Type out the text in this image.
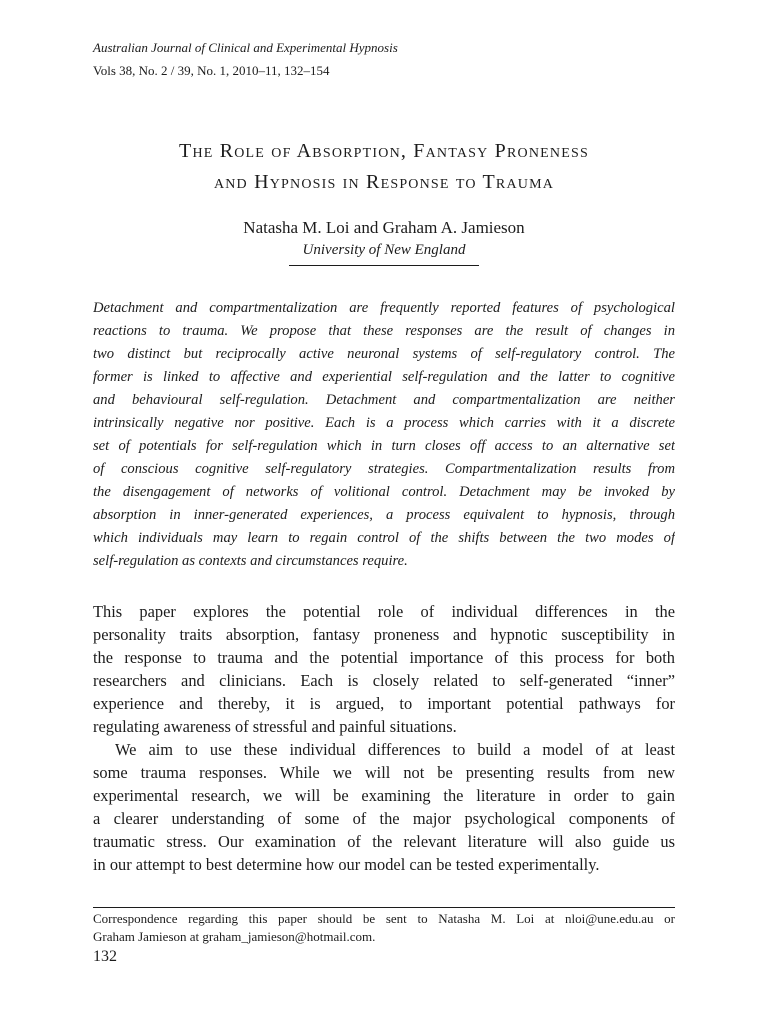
Australian Journal of Clinical and Experimental Hypnosis
Vols 38, No. 2 / 39, No. 1, 2010–11, 132–154
The Role of Absorption, Fantasy Proneness
and Hypnosis in Response to Trauma
Natasha M. Loi and Graham A. Jamieson
University of New England
Detachment and compartmentalization are frequently reported features of psychological
reactions to trauma. We propose that these responses are the result of changes in
two distinct but reciprocally active neuronal systems of self-regulatory control. The
former is linked to affective and experiential self-regulation and the latter to cognitive
and behavioural self-regulation. Detachment and compartmentalization are neither
intrinsically negative nor positive. Each is a process which carries with it a discrete
set of potentials for self-regulation which in turn closes off access to an alternative set
of conscious cognitive self-regulatory strategies. Compartmentalization results from
the disengagement of networks of volitional control. Detachment may be invoked by
absorption in inner-generated experiences, a process equivalent to hypnosis, through
which individuals may learn to regain control of the shifts between the two modes of
self-regulation as contexts and circumstances require.
This paper explores the potential role of individual differences in the
personality traits absorption, fantasy proneness and hypnotic susceptibility in
the response to trauma and the potential importance of this process for both
researchers and clinicians. Each is closely related to self-generated “inner”
experience and thereby, it is argued, to important potential pathways for
regulating awareness of stressful and painful situations.
We aim to use these individual differences to build a model of at least
some trauma responses. While we will not be presenting results from new
experimental research, we will be examining the literature in order to gain
a clearer understanding of some of the major psychological components of
traumatic stress. Our examination of the relevant literature will also guide us
in our attempt to best determine how our model can be tested experimentally.
Correspondence regarding this paper should be sent to Natasha M. Loi at nloi@une.edu.au or
Graham Jamieson at graham_jamieson@hotmail.com.
132
